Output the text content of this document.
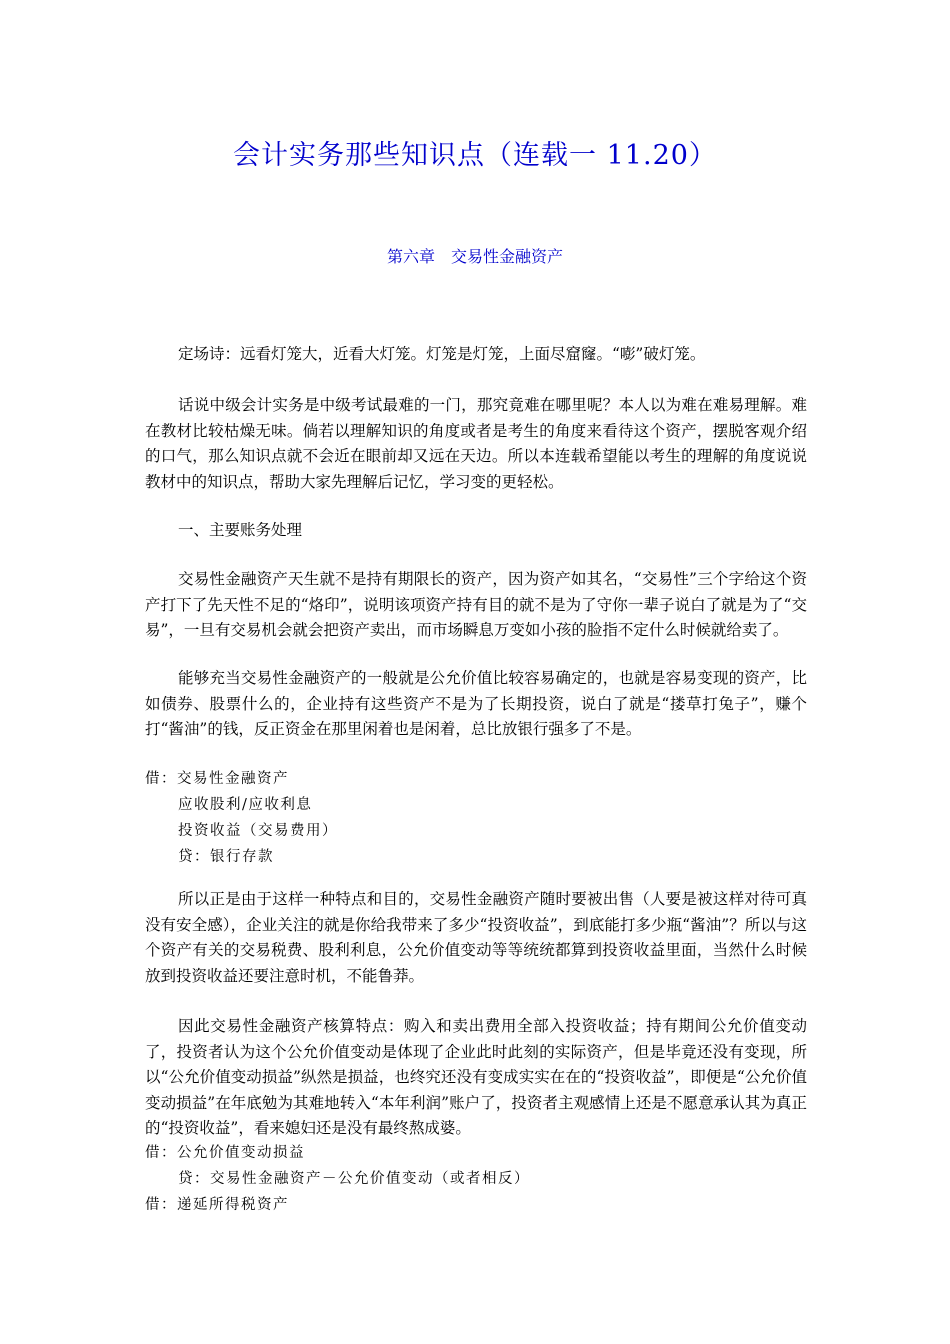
会计实务那些知识点（连载一 11.20）
第六章　交易性金融资产

定场诗：远看灯笼大，近看大灯笼。灯笼是灯笼，上面尽窟窿。“嘭”破灯笼。

话说中级会计实务是中级考试最难的一门，那究竟难在哪里呢？本人以为难在难易理解。难在教材比较枯燥无味。倘若以理解知识的角度或者是考生的角度来看待这个资产，摆脱客观介绍的口气，那么知识点就不会近在眼前却又远在天边。所以本连载希望能以考生的理解的角度说说教材中的知识点，帮助大家先理解后记忆，学习变的更轻松。

一、主要账务处理

交易性金融资产天生就不是持有期限长的资产，因为资产如其名，“交易性”三个字给这个资产打下了先天性不足的“烙印”，说明该项资产持有目的就不是为了守你一辈子说白了就是为了“交易”，一旦有交易机会就会把资产卖出，而市场瞬息万变如小孩的脸指不定什么时候就给卖了。

能够充当交易性金融资产的一般就是公允价值比较容易确定的，也就是容易变现的资产，比如债券、股票什么的，企业持有这些资产不是为了长期投资，说白了就是“搂草打兔子”，赚个打“酱油”的钱，反正资金在那里闲着也是闲着，总比放银行强多了不是。

借：交易性金融资产
应收股利/应收利息
投资收益（交易费用）
贷：银行存款

所以正是由于这样一种特点和目的，交易性金融资产随时要被出售（人要是被这样对待可真没有安全感），企业关注的就是你给我带来了多少“投资收益”，到底能打多少瓶“酱油”？所以与这个资产有关的交易税费、股利利息，公允价值变动等等统统都算到投资收益里面，当然什么时候放到投资收益还要注意时机，不能鲁莽。

因此交易性金融资产核算特点：购入和卖出费用全部入投资收益；持有期间公允价值变动了，投资者认为这个公允价值变动是体现了企业此时此刻的实际资产，但是毕竟还没有变现，所以“公允价值变动损益”纵然是损益，也终究还没有变成实实在在的“投资收益”，即便是“公允价值变动损益”在年底勉为其难地转入“本年利润”账户了，投资者主观感情上还是不愿意承认其为真正的“投资收益”，看来媳妇还是没有最终熬成婆。

借：公允价值变动损益
贷：交易性金融资产－公允价值变动（或者相反）
借：递延所得税资产
